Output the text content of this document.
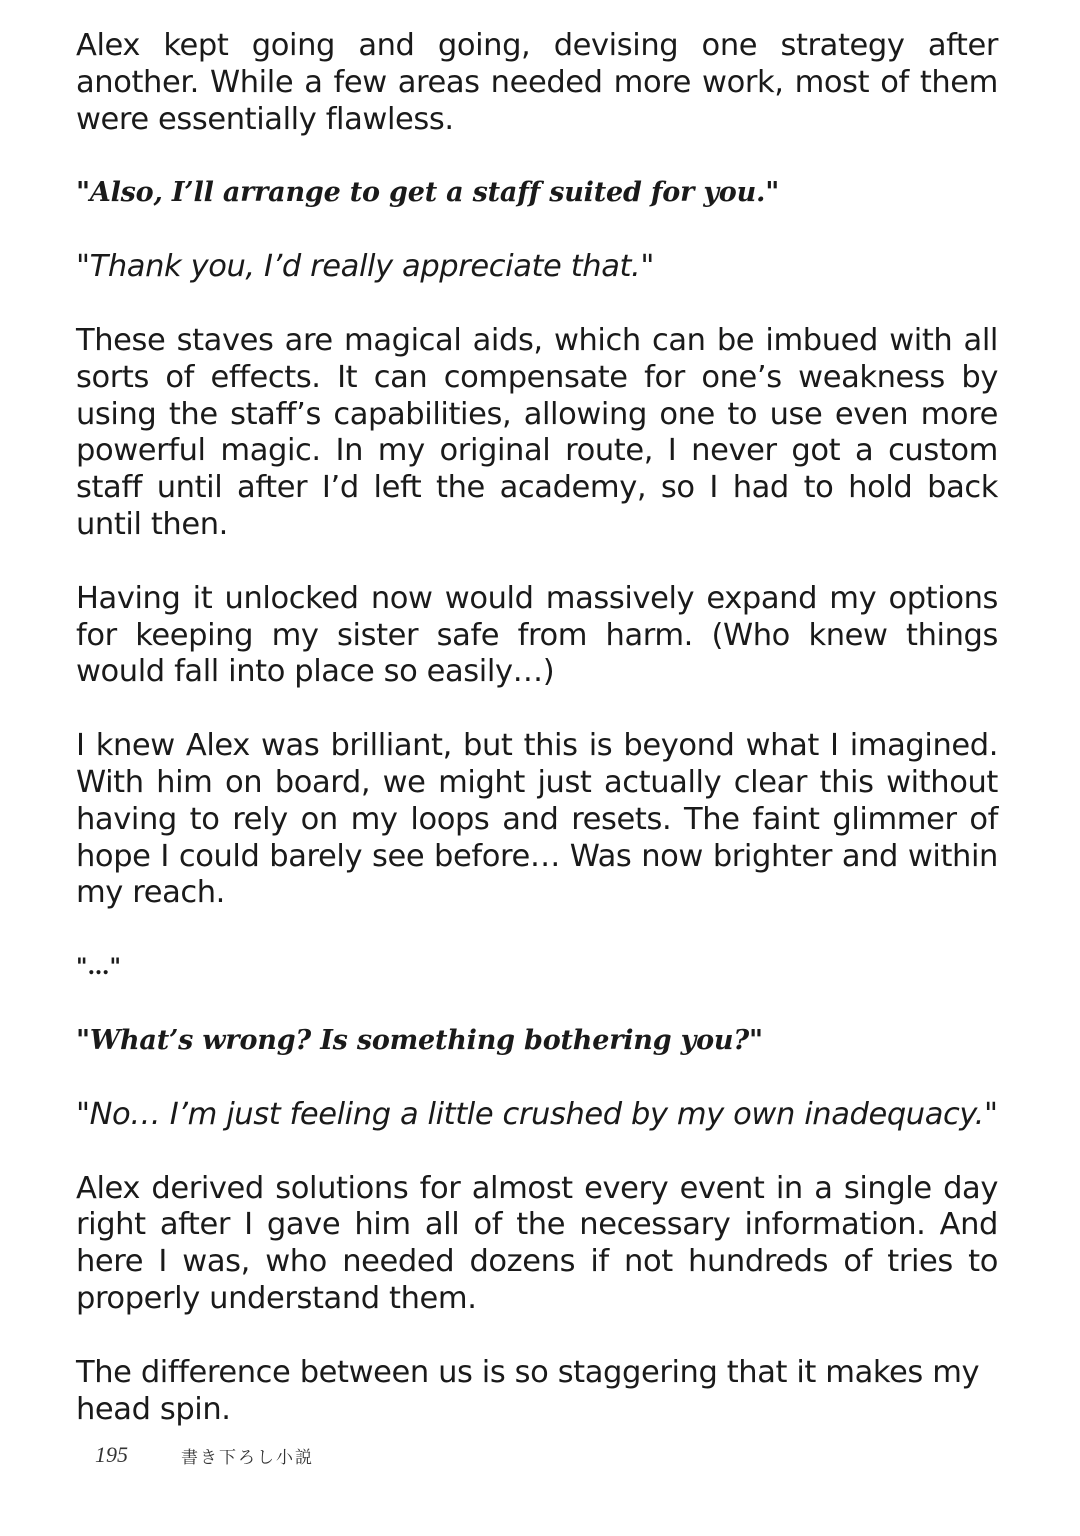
Alex kept going and going, devising one strategy after another. While a few areas needed more work, most of them were essentially flawless.

"Also, I’ll arrange to get a staff suited for you."

"Thank you, I’d really appreciate that."

These staves are magical aids, which can be imbued with all sorts of effects. It can compensate for one’s weakness by using the staff’s capabilities, allowing one to use even more powerful magic. In my original route, I never got a custom staff until after I’d left the academy, so I had to hold back until then.

Having it unlocked now would massively expand my options for keeping my sister safe from harm. (Who knew things would fall into place so easily…)

I knew Alex was brilliant, but this is beyond what I imagined. With him on board, we might just actually clear this without having to rely on my loops and resets. The faint glimmer of hope I could barely see before… Was now brighter and within my reach.

"…"

"What’s wrong? Is something bothering you?"

"No… I’m just feeling a little crushed by my own inadequacy."

Alex derived solutions for almost every event in a single day right after I gave him all of the necessary information. And here I was, who needed dozens if not hundreds of tries to properly understand them.

The difference between us is so staggering that it makes my head spin.

195	書き下ろし小説
